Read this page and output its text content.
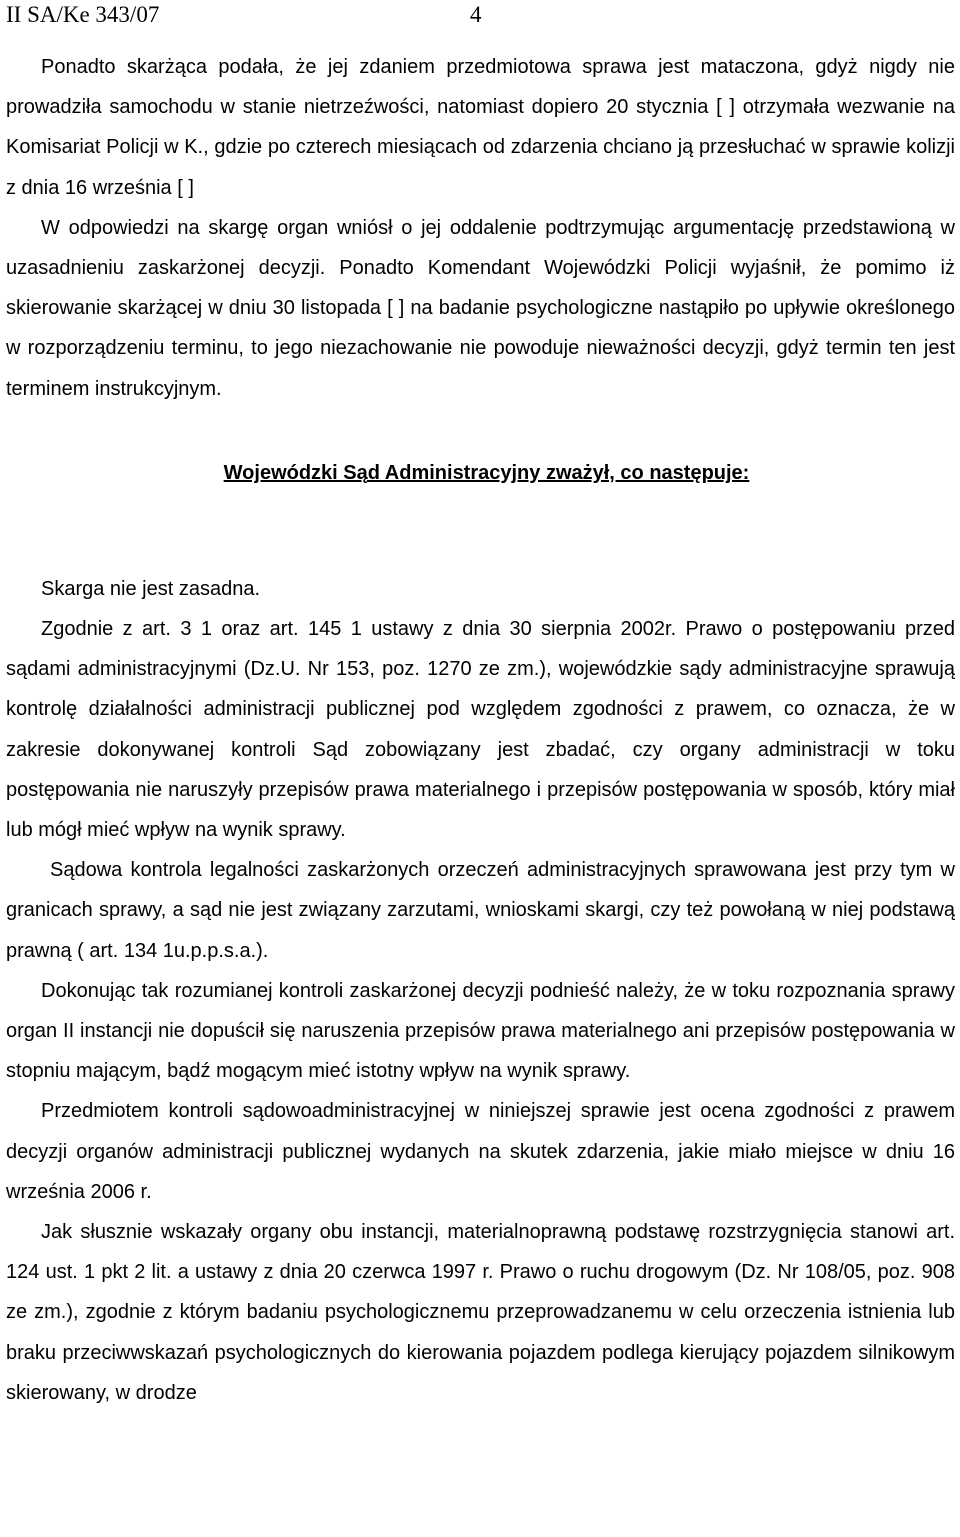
II SA/Ke 343/07	4

Ponadto skarżąca podała, że jej zdaniem przedmiotowa sprawa jest mataczona, gdyż nigdy nie prowadziła samochodu w stanie nietrzeźwości, natomiast dopiero 20 stycznia [ ] otrzymała wezwanie na Komisariat Policji w K., gdzie po czterech miesiącach od zdarzenia chciano ją przesłuchać w sprawie kolizji z dnia 16 września [ ]

W odpowiedzi na skargę organ wniósł o jej oddalenie podtrzymując argumentację przedstawioną w uzasadnieniu zaskarżonej decyzji. Ponadto Komendant Wojewódzki Policji wyjaśnił, że pomimo iż skierowanie skarżącej w dniu 30 listopada [ ] na badanie psychologiczne nastąpiło po upływie określonego w rozporządzeniu terminu, to jego niezachowanie nie powoduje nieważności decyzji, gdyż termin ten jest terminem instrukcyjnym.

Wojewódzki Sąd Administracyjny zważył, co następuje:

Skarga nie jest zasadna.

Zgodnie z art. 3 1 oraz art. 145 1 ustawy z dnia 30 sierpnia 2002r. Prawo o postępowaniu przed sądami administracyjnymi (Dz.U. Nr 153, poz. 1270 ze zm.), wojewódzkie sądy administracyjne sprawują kontrolę działalności administracji publicznej pod względem zgodności z prawem, co oznacza, że w zakresie dokonywanej kontroli Sąd zobowiązany jest zbadać, czy organy administracji w toku postępowania nie naruszyły przepisów prawa materialnego i przepisów postępowania w sposób, który miał lub mógł mieć wpływ na wynik sprawy.

Sądowa kontrola legalności zaskarżonych orzeczeń administracyjnych sprawowana jest przy tym w granicach sprawy, a sąd nie jest związany zarzutami, wnioskami skargi, czy też powołaną w niej podstawą prawną ( art. 134 1u.p.p.s.a.).

Dokonując tak rozumianej kontroli zaskarżonej decyzji podnieść należy, że w toku rozpoznania sprawy organ II instancji nie dopuścił się naruszenia przepisów prawa materialnego ani przepisów postępowania w stopniu mającym, bądź mogącym mieć istotny wpływ na wynik sprawy.

Przedmiotem kontroli sądowoadministracyjnej w niniejszej sprawie jest ocena zgodności z prawem decyzji organów administracji publicznej wydanych na skutek zdarzenia, jakie miało miejsce w dniu 16 września 2006 r.

Jak słusznie wskazały organy obu instancji, materialnoprawną podstawę rozstrzygnięcia stanowi art. 124 ust. 1 pkt 2 lit. a ustawy z dnia 20 czerwca 1997 r. Prawo o ruchu drogowym (Dz. Nr 108/05, poz. 908 ze zm.), zgodnie z którym badaniu psychologicznemu przeprowadzanemu w celu orzeczenia istnienia lub braku przeciwwskazań psychologicznych do kierowania pojazdem podlega kierujący pojazdem silnikowym skierowany, w drodze
